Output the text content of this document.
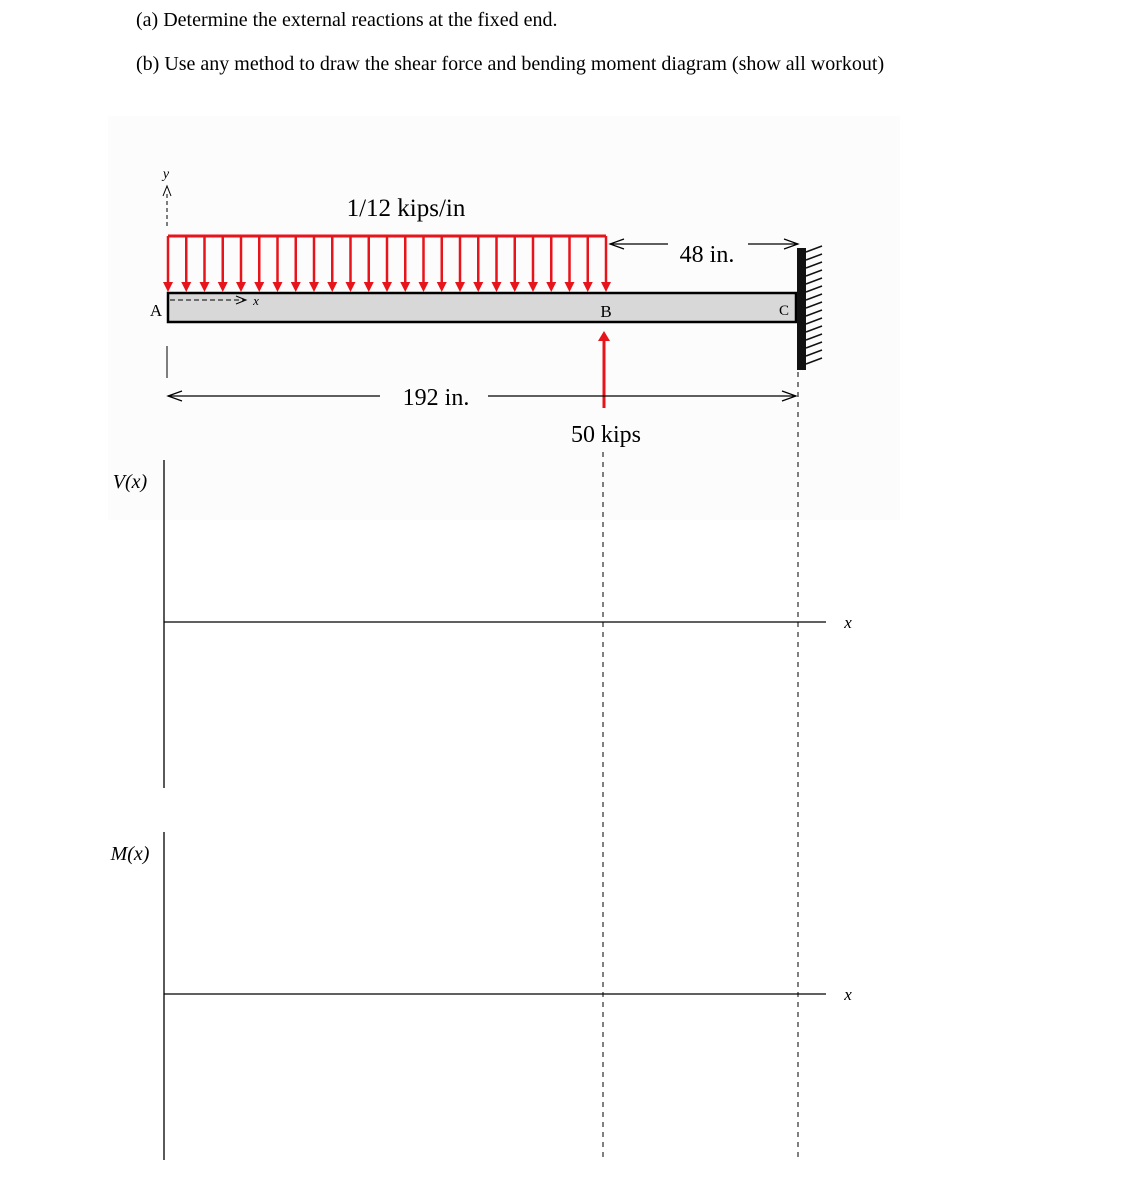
(a) Determine the external reactions at the fixed end.
(b) Use any method to draw the shear force and bending moment diagram (show all workout)
y
1/12 kips/in
48 in.
A	B	C
x
50 kips
192 in.
V(x)
x
M(x)
x
